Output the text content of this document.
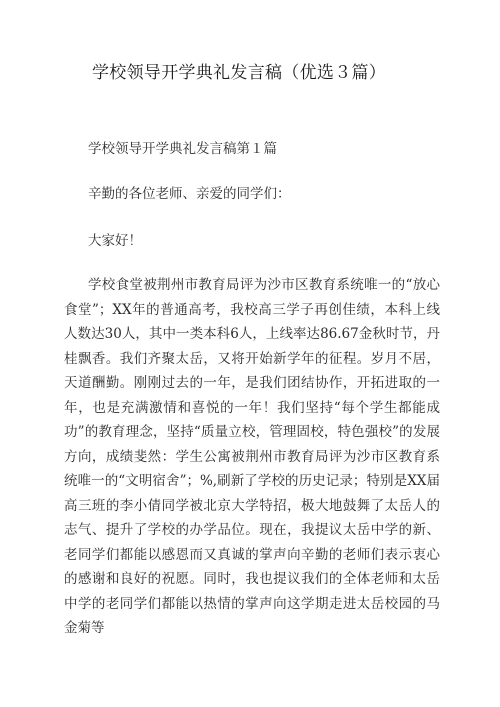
学校领导开学典礼发言稿（优选３篇）
学校领导开学典礼发言稿第１篇
辛勤的各位老师、亲爱的同学们：
大家好！

学校食堂被荆州市教育局评为沙市区教育系统唯一的“放心食堂”；XX年的普通高考，我校高三学子再创佳绩，本科上线人数达30人，其中一类本科6人，上线率达86.67金秋时节，丹桂飘香。我们齐聚太岳，又将开始新学年的征程。岁月不居，天道酬勤。刚刚过去的一年，是我们团结协作，开拓进取的一年，也是充满激情和喜悦的一年！我们坚持“每个学生都能成功”的教育理念，坚持“质量立校，管理固校，特色强校”的发展方向，成绩斐然：学生公寓被荆州市教育局评为沙市区教育系统唯一的“文明宿舍”；%,刷新了学校的历史记录；特别是XX届高三班的李小倩同学被北京大学特招，极大地鼓舞了太岳人的志气、提升了学校的办学品位。现在，我提议太岳中学的新、老同学们都能以感恩而又真诚的掌声向辛勤的老师们表示衷心的感谢和良好的祝愿。同时，我也提议我们的全体老师和太岳中学的老同学们都能以热情的掌声向这学期走进太岳校园的马金菊等
